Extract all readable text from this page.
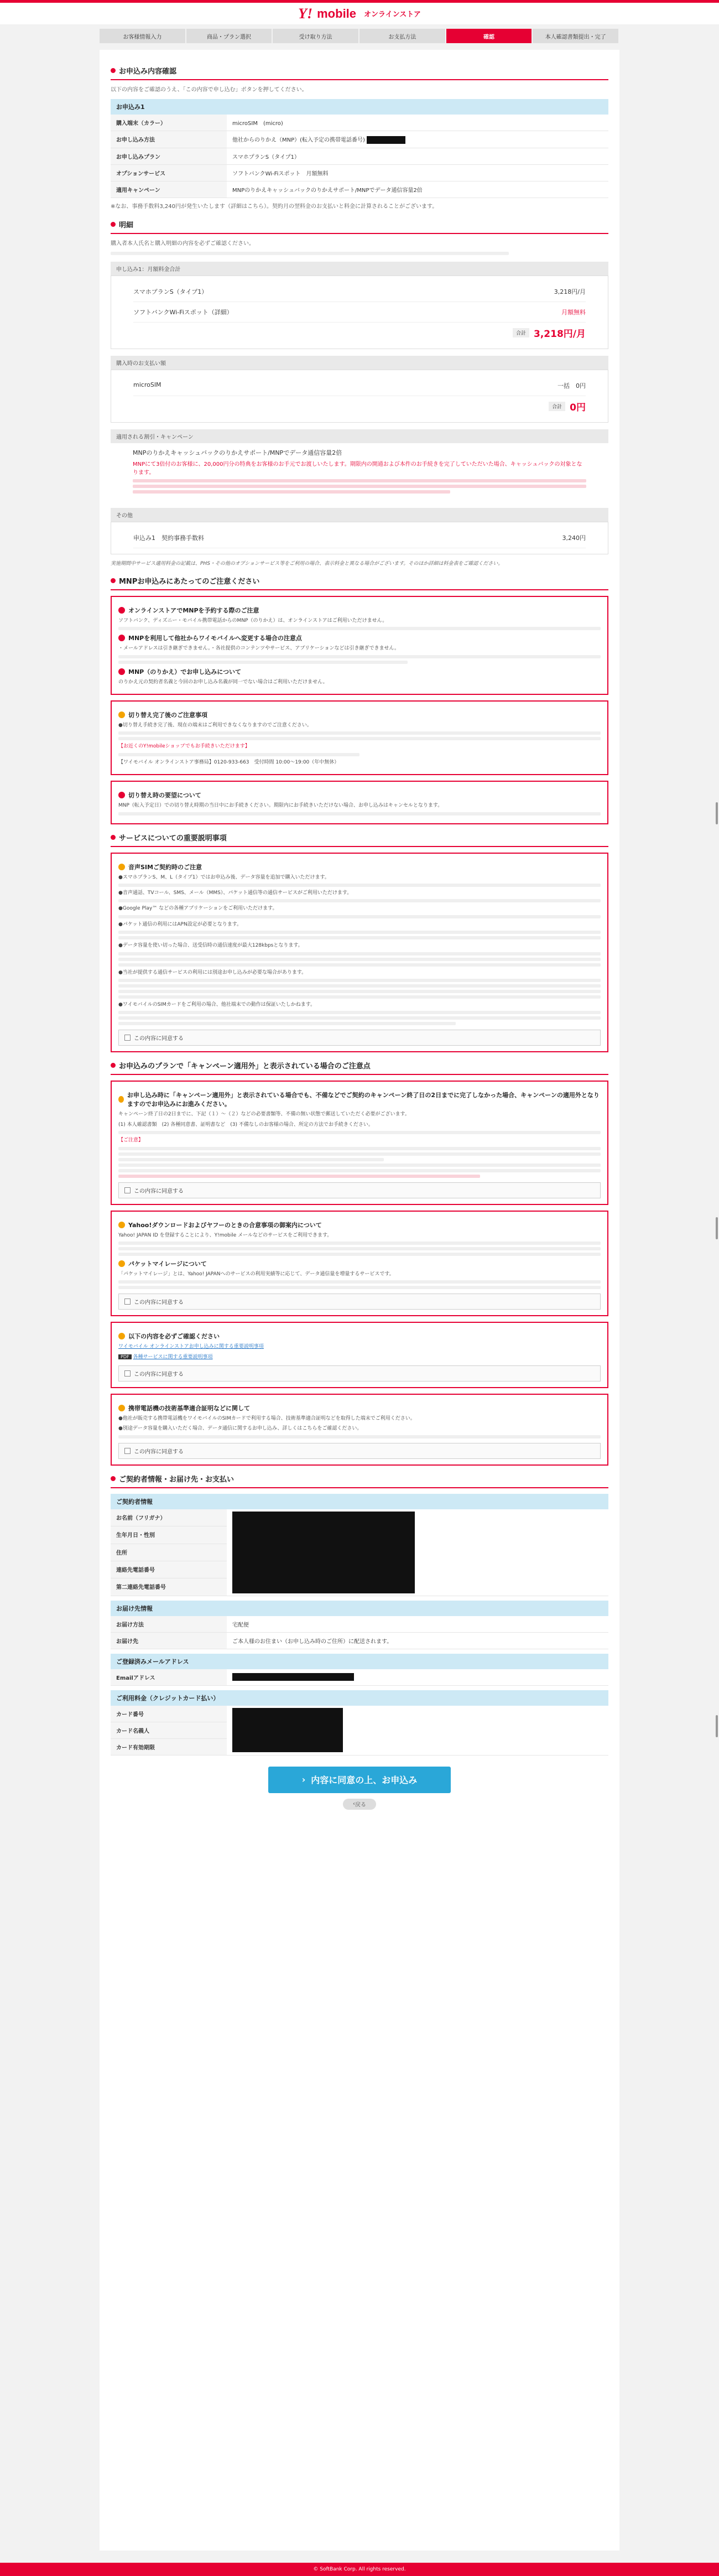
Y! mobile オンラインストア
お客様情報入力	商品・プラン選択	受け取り方法	お支払方法	確認	本人確認書類提出・完了
お申込み内容確認

以下の内容をご確認のうえ、「この内容で申し込む」ボタンを押してください。

お申込み1
購入端末（カラー）	microSIM　(micro)
お申し込み方法	他社からのりかえ（MNP）(転入予定の携帯電話番号)
お申し込みプラン	スマホプランS（タイプ1）
オプションサービス	ソフトバンクWi-Fiスポット　月額無料
適用キャンペーン	MNPのりかえキャッシュバックのりかえサポート/MNPでデータ通信容量2倍

※なお、事務手数料3,240円が発生いたします（詳細はこちら）。契約月の翌料金のお支払いと料金に計算されることがございます。

明細

購入者本人氏名と購入明細の内容を必ずご確認ください。

申し込み1：月額料金合計
スマホプランS（タイプ1）	3,218円/月
ソフトバンクWi-Fiスポット（詳細）	月額無料
合計 3,218円/月
購入時のお支払い額
microSIM	一括　0円
合計 0円
適用される割引・キャンペーン

MNPのりかえキャッシュバックのりかえサポート/MNPでデータ通信容量2倍

MNPにて3倍付のお客様に、20,000円分の特典をお客様のお手元でお渡しいたします。期限内の開通および本件のお手続きを完了していただいた場合、キャッシュバックの対象となります。

その他
申込み1　契約事務手数料	3,240円

実施期間中サービス適用料金の記載は、PHS・その他のオプションサービス等をご利用の場合、表示料金と異なる場合がございます。そのほか詳細は料金表をご確認ください。

MNPお申込みにあたってのご注意ください
オンラインストアでMNPを予約する際のご注意

ソフトバンク、ディズニー・モバイル携帯電話からのMNP（のりかえ）は、オンラインストアはご利用いただけません。

MNPを利用して他社からワイモバイルへ変更する場合の注意点

・メールアドレスは引き継ぎできません。・各社提供のコンテンツやサービス、アプリケーションなどは引き継ぎできません。

MNP（のりかえ）でお申し込みについて

のりかえ元の契約者名義と今回のお申し込み名義が同一でない場合はご利用いただけません。

切り替え完了後のご注意事項

●切り替え手続き完了後、現在の端末はご利用できなくなりますのでご注意ください。

【お近くのY!mobileショップでもお手続きいただけます】

【ワイモバイル オンラインストア事務局】0120-933-663　受付時間 10:00～19:00（年中無休）

切り替え時の要望について

MNP（転入予定日）での切り替え時期の当日中にお手続きください。期限内にお手続きいただけない場合、お申し込みはキャンセルとなります。

サービスについての重要説明事項
音声SIMご契約時のご注意

●スマホプランS、M、L（タイプ1）ではお申込み後、データ容量を追加で購入いただけます。

●音声通話、TVコール、SMS、メール（MMS）、パケット通信等の通信サービスがご利用いただけます。

●Google Play™ などの各種アプリケーションをご利用いただけます。

●パケット通信の利用にはAPN設定が必要となります。

●データ容量を使い切った場合、送受信時の通信速度が最大128kbpsとなります。

●当社が提供する通信サービスの利用には別途お申し込みが必要な場合があります。

●ワイモバイルのSIMカードをご利用の場合、他社端末での動作は保証いたしかねます。

この内容に同意する
お申込みのプランで「キャンペーン適用外」と表示されている場合のご注意点
お申し込み時に「キャンペーン適用外」と表示されている場合でも、不備などでご契約のキャンペーン終了日の2日までに完了しなかった場合、キャンペーンの適用外となりますのでお申込みにお進みください。

キャンペーン終了日の2日までに、下記（１）～（２）などの必要書類等、不備の無い状態で郵送していただく必要がございます。

(1) 本人確認書類　(2) 各種同意書、証明書など　(3) 不備なしのお客様の場合、所定の方法でお手続きください。

【ご注意】

この内容に同意する
Yahoo!ダウンロードおよびヤフーのときの合意事項の御案内について

Yahoo! JAPAN ID を登録することにより、Y!mobile メールなどのサービスをご利用できます。

パケットマイレージについて

「パケットマイレージ」とは、Yahoo! JAPANへのサービスの利用実績等に応じて、データ通信量を増量するサービスです。

この内容に同意する
以下の内容を必ずご確認ください

ワイモバイル オンラインストアお申し込みに関する重要説明事項

PDF 各種サービスに関する重要説明事項

この内容に同意する
携帯電話機の技術基準適合証明などに関して

●他社が販売する携帯電話機をワイモバイルのSIMカードで利用する場合、技術基準適合証明などを取得した端末でご利用ください。

●別途データ容量を購入いただく場合、データ通信に関するお申し込み、詳しくはこちらをご確認ください。

この内容に同意する
ご契約者情報・お届け先・お支払い
ご契約者情報
お名前（フリガナ）	

生年月日・性別
住所
連絡先電話番号
第二連絡先電話番号
お届け先情報
お届け方法	宅配便
お届け先	ご本人様のお住まい（お申し込み時のご住所）に配送されます。
ご登録済みメールアドレス
Emailアドレス	
ご利用料金（クレジットカード払い）
カード番号	

カード名義人
カード有効期限
› 内容に同意の上、お申込み
‹ 戻る
© SoftBank Corp. All rights reserved.
